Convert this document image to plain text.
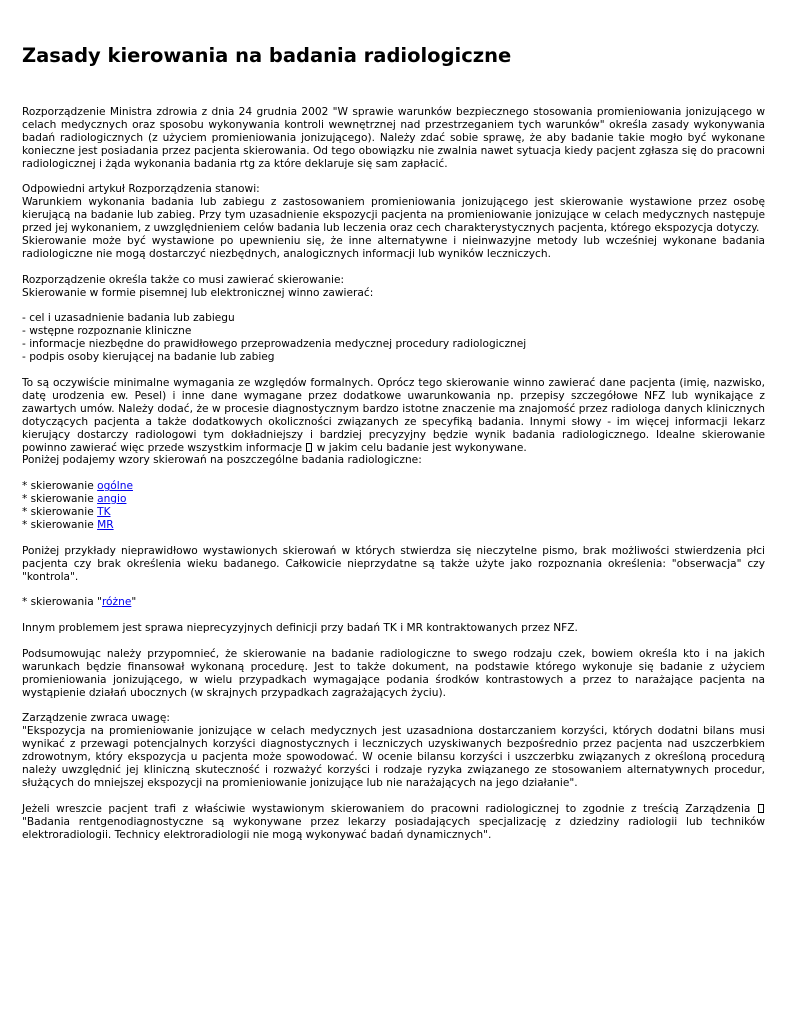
Zasady kierowania na badania radiologiczne

Rozporządzenie Ministra zdrowia z dnia 24 grudnia 2002 "W sprawie warunków bezpiecznego stosowania promieniowania jonizującego w celach medycznych oraz sposobu wykonywania kontroli wewnętrznej nad przestrzeganiem tych warunków" określa zasady wykonywania badań radiologicznych (z użyciem promieniowania jonizującego). Należy zdać sobie sprawę, że aby badanie takie mogło być wykonane konieczne jest posiadania przez pacjenta skierowania. Od tego obowiązku nie zwalnia nawet sytuacja kiedy pacjent zgłasza się do pracowni radiologicznej i żąda wykonania badania rtg za które deklaruje się sam zapłacić.

Odpowiedni artykuł Rozporządzenia stanowi:

Warunkiem wykonania badania lub zabiegu z zastosowaniem promieniowania jonizującego jest skierowanie wystawione przez osobę kierującą na badanie lub zabieg. Przy tym uzasadnienie ekspozycji pacjenta na promieniowanie jonizujące w celach medycznych następuje przed jej wykonaniem, z uwzględnieniem celów badania lub leczenia oraz cech charakterystycznych pacjenta, którego ekspozycja dotyczy.

Skierowanie może być wystawione po upewnieniu się, że inne alternatywne i nieinwazyjne metody lub wcześniej wykonane badania radiologiczne nie mogą dostarczyć niezbędnych, analogicznych informacji lub wyników leczniczych.

Rozporządzenie określa także co musi zawierać skierowanie:

Skierowanie w formie pisemnej lub elektronicznej winno zawierać:

- cel i uzasadnienie badania lub zabiegu

- wstępne rozpoznanie kliniczne

- informacje niezbędne do prawidłowego przeprowadzenia medycznej procedury radiologicznej

- podpis osoby kierującej na badanie lub zabieg

To są oczywiście minimalne wymagania ze względów formalnych. Oprócz tego skierowanie winno zawierać dane pacjenta (imię, nazwisko, datę urodzenia ew. Pesel) i inne dane wymagane przez dodatkowe uwarunkowania np. przepisy szczegółowe NFZ lub wynikające z zawartych umów. Należy dodać, że w procesie diagnostycznym bardzo istotne znaczenie ma znajomość przez radiologa danych klinicznych dotyczących pacjenta a także dodatkowych okoliczności związanych ze specyfiką badania. Innymi słowy - im więcej informacji lekarz kierujący dostarczy radiologowi tym dokładniejszy i bardziej precyzyjny będzie wynik badania radiologicznego. Idealne skierowanie powinno zawierać więc przede wszystkim informacje w jakim celu badanie jest wykonywane.

Poniżej podajemy wzory skierowań na poszczególne badania radiologiczne:

* skierowanie ogólne

* skierowanie angio

* skierowanie TK

* skierowanie MR

Poniżej przykłady nieprawidłowo wystawionych skierowań w których stwierdza się nieczytelne pismo, brak możliwości stwierdzenia płci pacjenta czy brak określenia wieku badanego. Całkowicie nieprzydatne są także użyte jako rozpoznania określenia: "obserwacja" czy "kontrola".

* skierowania "różne"

Innym problemem jest sprawa nieprecyzyjnych definicji przy badań TK i MR kontraktowanych przez NFZ.

Podsumowując należy przypomnieć, że skierowanie na badanie radiologiczne to swego rodzaju czek, bowiem określa kto i na jakich warunkach będzie finansował wykonaną procedurę. Jest to także dokument, na podstawie którego wykonuje się badanie z użyciem promieniowania jonizującego, w wielu przypadkach wymagające podania środków kontrastowych a przez to narażające pacjenta na wystąpienie działań ubocznych (w skrajnych przypadkach zagrażających życiu).

Zarządzenie zwraca uwagę:

"Ekspozycja na promieniowanie jonizujące w celach medycznych jest uzasadniona dostarczaniem korzyści, których dodatni bilans musi wynikać z przewagi potencjalnych korzyści diagnostycznych i leczniczych uzyskiwanych bezpośrednio przez pacjenta nad uszczerbkiem zdrowotnym, który ekspozycja u pacjenta może spowodować. W ocenie bilansu korzyści i uszczerbku związanych z określoną procedurą należy uwzględnić jej kliniczną skuteczność i rozważyć korzyści i rodzaje ryzyka związanego ze stosowaniem alternatywnych procedur, służących do mniejszej ekspozycji na promieniowanie jonizujące lub nie narażających na jego działanie".

Jeżeli wreszcie pacjent trafi z właściwie wystawionym skierowaniem do pracowni radiologicznej to zgodnie z treścią Zarządzenia  "Badania rentgenodiagnostyczne są wykonywane przez lekarzy posiadających specjalizację z dziedziny radiologii lub techników elektroradiologii. Technicy elektroradiologii nie mogą wykonywać badań dynamicznych".
